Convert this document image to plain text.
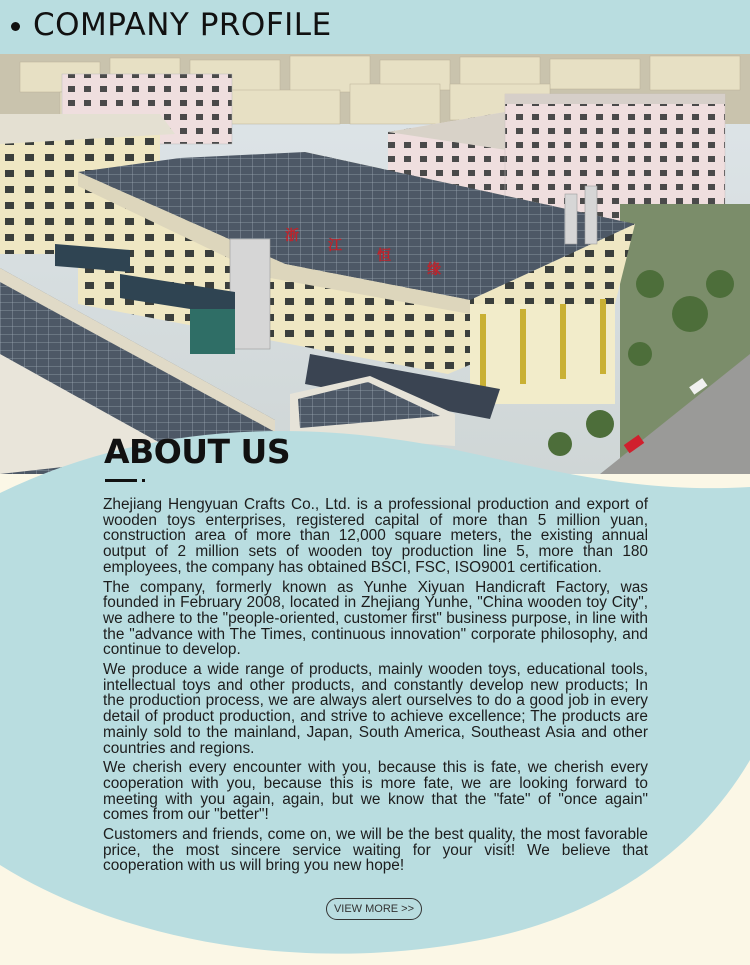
COMPANY PROFILE
浙
江
恒
缘
ABOUT US

Zhejiang Hengyuan Crafts Co., Ltd. is a professional production and export of wooden toys enterprises, registered capital of more than 5 million yuan, construction area of more than 12,000 square meters, the existing annual output of 2 million sets of wooden toy production line 5, more than 180 employees, the company has obtained BSCI, FSC, ISO9001 certification.

The company, formerly known as Yunhe Xiyuan Handicraft Factory, was founded in February 2008, located in Zhejiang Yunhe, "China wooden toy City", we adhere to the "people-oriented, customer first" business purpose, in line with the "advance with The Times, continuous innovation" corporate philosophy, and continue to develop.

We produce a wide range of products, mainly wooden toys, educational tools, intellectual toys and other products, and constantly develop new products; In the production process, we are always alert ourselves to do a good job in every detail of product production, and strive to achieve excellence; The products are mainly sold to the mainland, Japan, South America, Southeast Asia and other countries and regions.

We cherish every encounter with you, because this is fate, we cherish every cooperation with you, because this is more fate, we are looking forward to meeting with you again, again, but we know that the "fate" of "once again" comes from our "better"!

Customers and friends, come on, we will be the best quality, the most favorable price, the most sincere service waiting for your visit! We believe that cooperation with us will bring you new hope!

VIEW MORE >>
